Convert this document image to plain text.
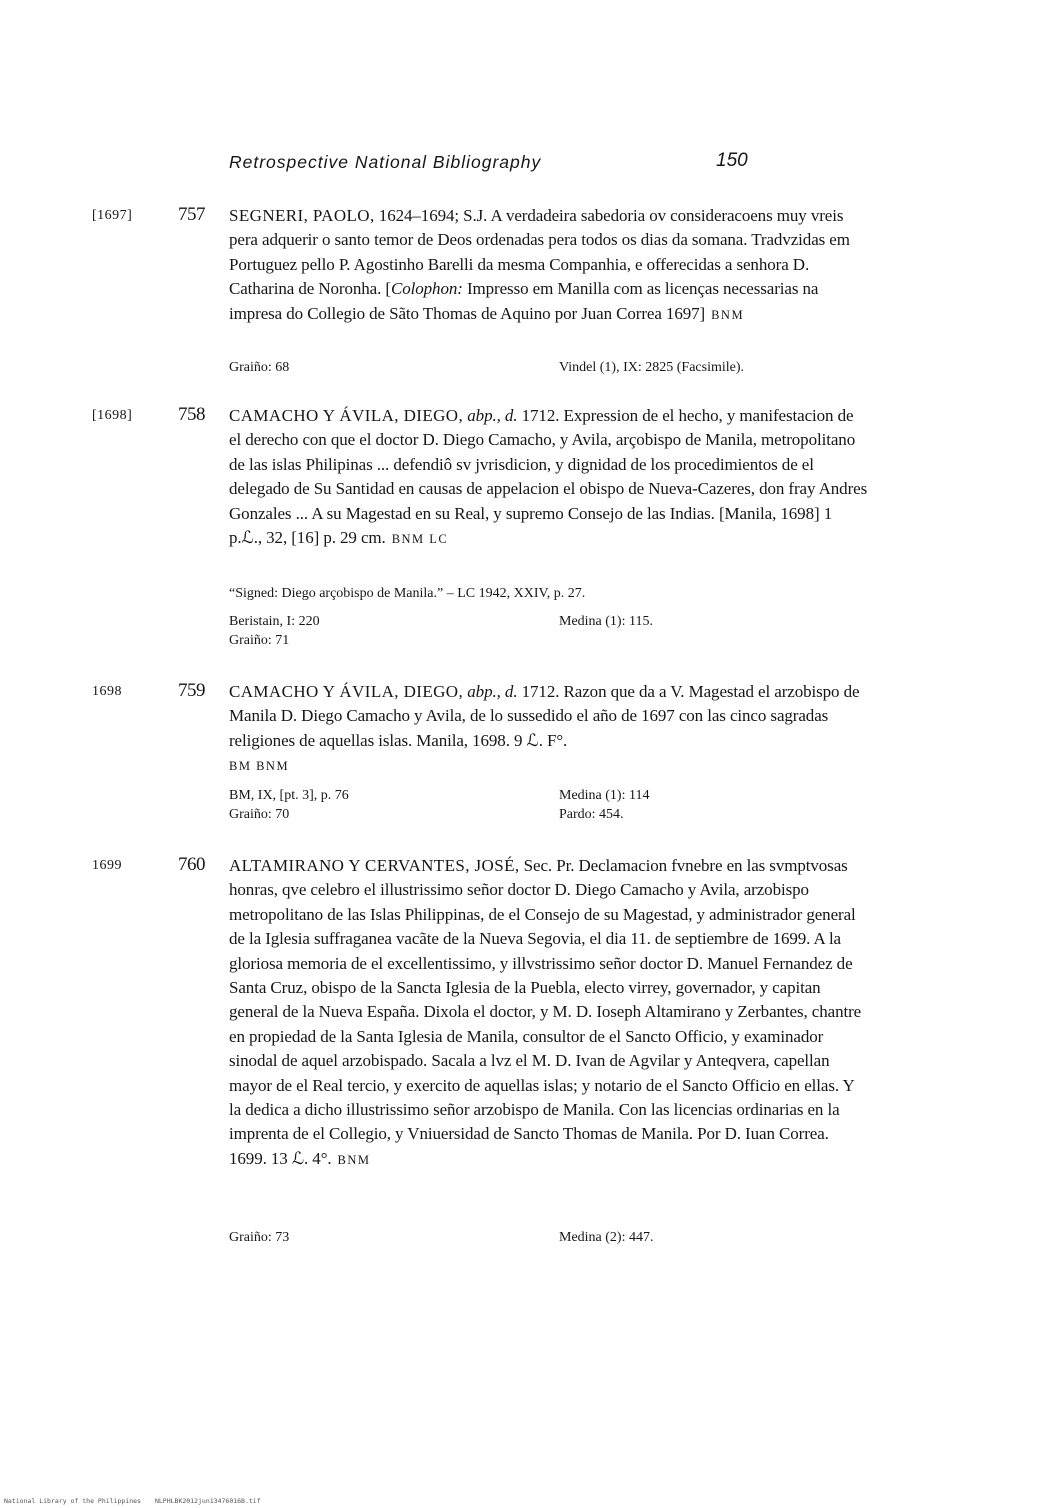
Retrospective National Bibliography	150
[1697] 757 SEGNERI, PAOLO, 1624–1694; S.J. A verdadeira sabedoria ov consideracoens muy vreis pera adquerir o santo temor de Deos ordenadas pera todos os dias da somana. Tradvzidas em Portuguez pello P. Agostinho Barelli da mesma Companhia, e offerecidas a senhora D. Catharina de Noronha. [Colophon: Impresso em Manilla com as licenças necessarias na impresa do Collegio de Sãto Thomas de Aquino por Juan Correa 1697] BNM
Graiño: 68	Vindel (1), IX: 2825 (Facsimile).
[1698] 758 CAMACHO Y ÁVILA, DIEGO, abp., d. 1712. Expression de el hecho, y manifestacion de el derecho con que el doctor D. Diego Camacho, y Avila, arçobispo de Manila, metropolitano de las islas Philipinas ... defendiô sv jvrisdicion, y dignidad de los procedimientos de el delegado de Su Santidad en causas de appelacion el obispo de Nueva-Cazeres, don fray Andres Gonzales ... A su Magestad en su Real, y supremo Consejo de las Indias. [Manila, 1698] 1 p.ℒ., 32, [16] p. 29 cm. BNM LC
“Signed: Diego arçobispo de Manila.” – LC 1942, XXIV, p. 27.
Beristain, I: 220	Medina (1): 115.
Graiño: 71
1698	759 CAMACHO Y ÁVILA, DIEGO, abp., d. 1712. Razon que da a V. Magestad el arzobispo de Manila D. Diego Camacho y Avila, de lo sussedido el año de 1697 con las cinco sagradas religiones de aquellas islas. Manila, 1698. 9 ℒ. F°.
BM BNM
BM, IX, [pt. 3], p. 76	Medina (1): 114
Graiño: 70	Pardo: 454.
1699	760 ALTAMIRANO Y CERVANTES, JOSÉ, Sec. Pr. Declamacion fvnebre en las svmptvosas honras, qve celebro el illustrissimo señor doctor D. Diego Camacho y Avila, arzobispo metropolitano de las Islas Philippinas, de el Consejo de su Magestad, y administrador general de la Iglesia suffraganea vacãte de la Nueva Segovia, el dia 11. de septiembre de 1699. A la gloriosa memoria de el excellentissimo, y illvstrissimo señor doctor D. Manuel Fernandez de Santa Cruz, obispo de la Sancta Iglesia de la Puebla, electo virrey, governador, y capitan general de la Nueva España. Dixola el doctor, y M. D. Ioseph Altamirano y Zerbantes, chantre en propiedad de la Santa Iglesia de Manila, consultor de el Sancto Officio, y examinador sinodal de aquel arzobispado. Sacala a lvz el M. D. Ivan de Agvilar y Anteqvera, capellan mayor de el Real tercio, y exercito de aquellas islas; y notario de el Sancto Officio en ellas. Y la dedica a dicho illustrissimo señor arzobispo de Manila. Con las licencias ordinarias en la imprenta de el Collegio, y Vniuersidad de Sancto Thomas de Manila. Por D. Iuan Correa. 1699. 13 ℒ. 4°. BNM
Graiño: 73	Medina (2): 447.
National Library of the Philippines NLPHLBK2012jun13476016B.tif
